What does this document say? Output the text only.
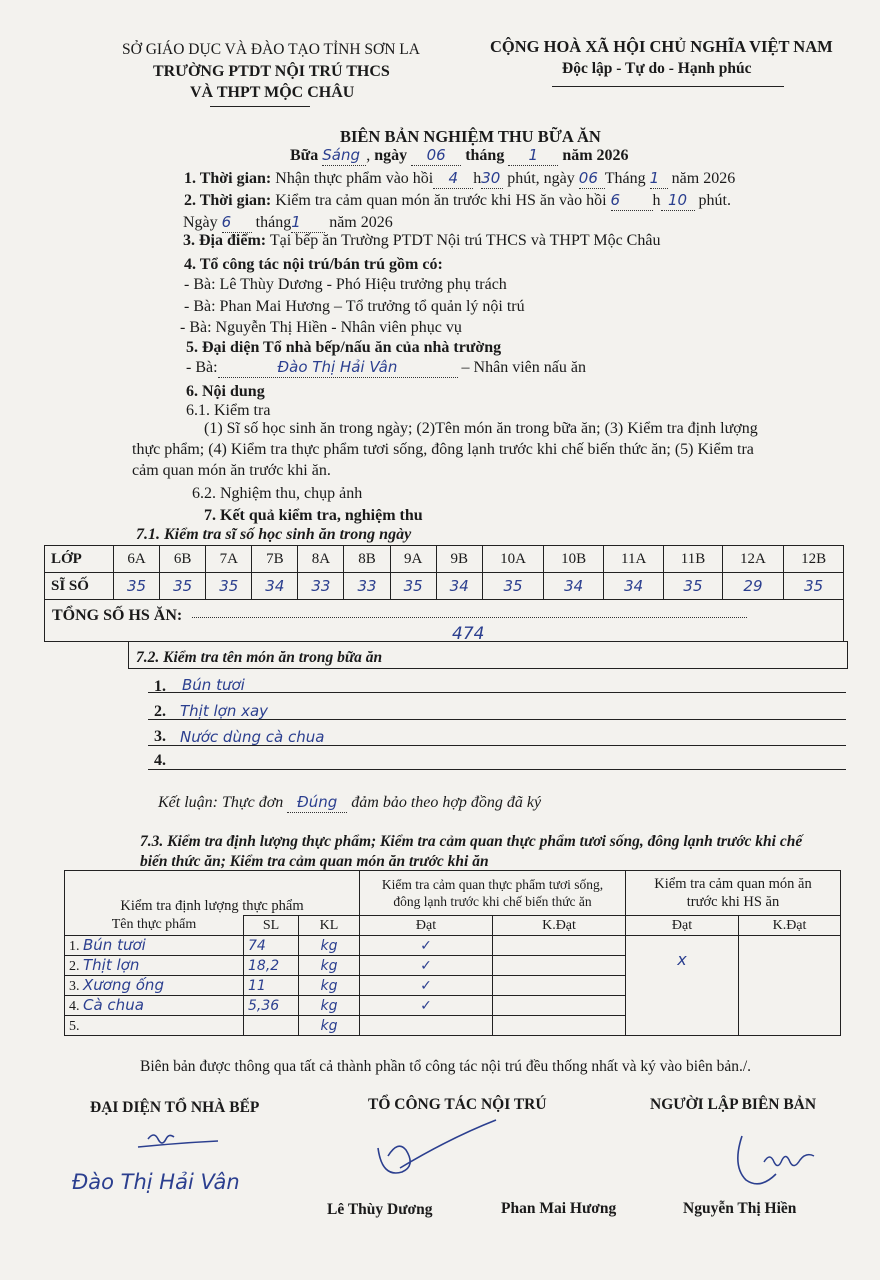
SỞ GIÁO DỤC VÀ ĐÀO TẠO TỈNH SƠN LA
TRƯỜNG PTDT NỘI TRÚ THCS
VÀ THPT MỘC CHÂU
CỘNG HOÀ XÃ HỘI CHỦ NGHĨA VIỆT NAM
Độc lập - Tự do - Hạnh phúc
BIÊN BẢN NGHIỆM THU BỮA ĂN
Bữa Sáng , ngày 06 tháng 1 năm 2026
1. Thời gian: Nhận thực phẩm vào hồi 4 h30 phút, ngày 06 Tháng 1 năm 2026
2. Thời gian: Kiểm tra cảm quan món ăn trước khi HS ăn vào hồi 6 h 10 phút.
Ngày 6 tháng1 năm 2026
3. Địa điểm: Tại bếp ăn Trường PTDT Nội trú THCS và THPT Mộc Châu
4. Tổ công tác nội trú/bán trú gồm có:
- Bà: Lê Thùy Dương - Phó Hiệu trưởng phụ trách
- Bà: Phan Mai Hương – Tổ trưởng tổ quản lý nội trú
- Bà: Nguyễn Thị Hiền - Nhân viên phục vụ
5. Đại diện Tổ nhà bếp/nấu ăn của nhà trường
- Bà:	Đào Thị Hải Vân	– Nhân viên nấu ăn
6. Nội dung
6.1. Kiểm tra
(1) Sĩ số học sinh ăn trong ngày; (2)Tên món ăn trong bữa ăn; (3) Kiểm tra định lượng
thực phẩm; (4) Kiểm tra thực phẩm tươi sống, đông lạnh trước khi chế biến thức ăn; (5) Kiểm tra
cảm quan món ăn trước khi ăn.
6.2. Nghiệm thu, chụp ảnh
7. Kết quả kiểm tra, nghiệm thu
7.1. Kiểm tra sĩ số học sinh ăn trong ngày
LỚP	6A	6B	7A	7B	8A	8B	9A	9B	10A	10B	11A	11B	12A	12B
SĨ SỐ	35	35	35	34	33	33	35	34	35	34	34	35	29	35
TỔNG SỐ HS ĂN:
474
7.2. Kiểm tra tên món ăn trong bữa ăn
1. Bún tươi
2. Thịt lợn xay
3. Nước dùng cà chua
4.
Kết luận: Thực đơn Đúng đảm bảo theo hợp đồng đã ký
7.3. Kiểm tra định lượng thực phẩm; Kiểm tra cảm quan thực phẩm tươi sống, đông lạnh trước khi chế
biến thức ăn; Kiểm tra cảm quan món ăn trước khi ăn
Kiểm tra định lượng thực phẩm			Kiểm tra cảm quan thực phẩm tươi sống, đông lạnh trước khi chế biến thức ăn		Kiểm tra cảm quan món ăn trước khi HS ăn	
Tên thực phẩm	SL	KL	Đạt	K.Đạt	Đạt	K.Đạt
1. Bún tươi	74	kg	✓		x	
2. Thịt lợn	18,2	kg	✓			
3. Xương ống	11	kg	✓			
4. Cà chua	5,36	kg	✓			
5.		kg				
Biên bản được thông qua tất cả thành phần tổ công tác nội trú đều thống nhất và ký vào biên bản./.
ĐẠI DIỆN TỔ NHÀ BẾP	TỔ CÔNG TÁC NỘI TRÚ	NGƯỜI LẬP BIÊN BẢN
Đào Thị Hải Vân
Lê Thùy Dương	Phan Mai Hương	Nguyễn Thị Hiền
